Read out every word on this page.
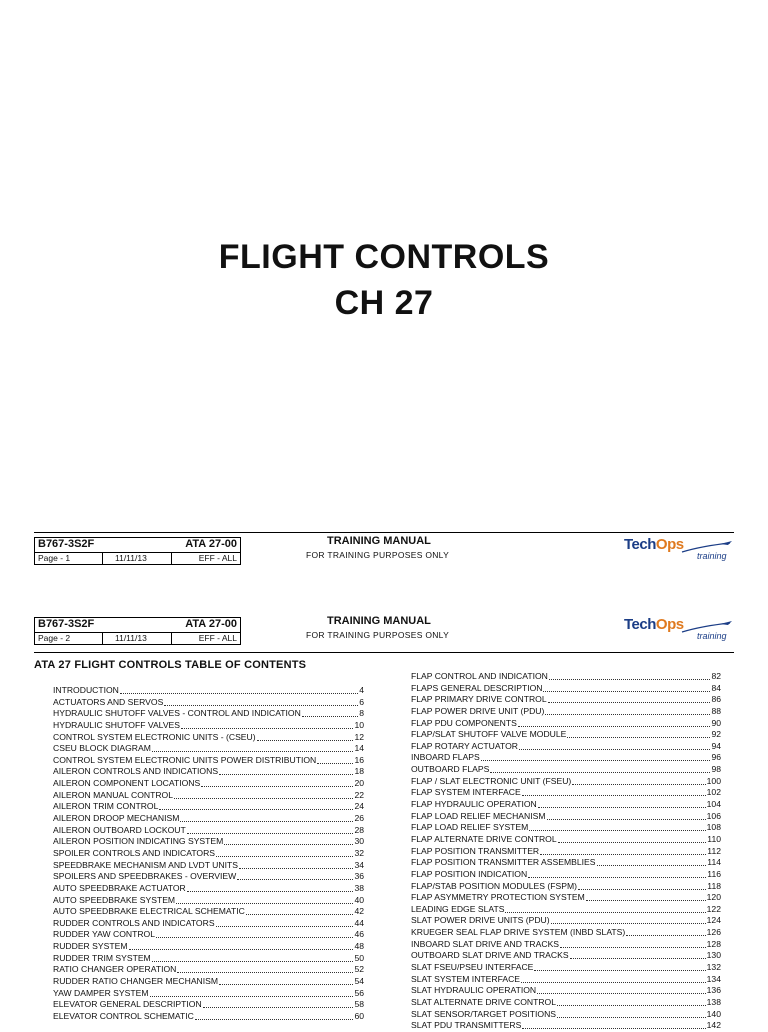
FLIGHT CONTROLS
CH 27
B767-3S2F	ATA 27-00
Page - 1	11/11/13	EFF - ALL
TRAINING MANUAL
FOR TRAINING PURPOSES ONLY
TechOps
training
B767-3S2F	ATA 27-00
Page - 2	11/11/13	EFF - ALL
TRAINING MANUAL
FOR TRAINING PURPOSES ONLY
TechOps
training
ATA 27 FLIGHT CONTROLS TABLE OF CONTENTS
INTRODUCTION	4
ACTUATORS AND SERVOS	6
HYDRAULIC SHUTOFF VALVES - CONTROL AND INDICATION	8
HYDRAULIC SHUTOFF VALVES	10
CONTROL SYSTEM ELECTRONIC UNITS - (CSEU)	12
CSEU BLOCK DIAGRAM	14
CONTROL SYSTEM ELECTRONIC UNITS POWER DISTRIBUTION	16
AILERON CONTROLS AND INDICATIONS	18
AILERON COMPONENT LOCATIONS	20
AILERON MANUAL CONTROL	22
AILERON TRIM CONTROL	24
AILERON DROOP MECHANISM	26
AILERON OUTBOARD LOCKOUT	28
AILERON POSITION INDICATING SYSTEM	30
SPOILER CONTROLS AND INDICATORS	32
SPEEDBRAKE MECHANISM AND LVDT UNITS	34
SPOILERS AND SPEEDBRAKES - OVERVIEW	36
AUTO SPEEDBRAKE ACTUATOR	38
AUTO SPEEDBRAKE SYSTEM	40
AUTO SPEEDBRAKE ELECTRICAL SCHEMATIC	42
RUDDER CONTROLS AND INDICATORS	44
RUDDER YAW CONTROL	46
RUDDER SYSTEM	48
RUDDER TRIM SYSTEM	50
RATIO CHANGER OPERATION	52
RUDDER RATIO CHANGER MECHANISM	54
YAW DAMPER SYSTEM	56
ELEVATOR GENERAL DESCRIPTION	58
ELEVATOR CONTROL SCHEMATIC	60
FLAP CONTROL AND INDICATION	82
FLAPS GENERAL DESCRIPTION	84
FLAP PRIMARY DRIVE CONTROL	86
FLAP POWER DRIVE UNIT (PDU)	88
FLAP PDU COMPONENTS	90
FLAP/SLAT SHUTOFF VALVE MODULE	92
FLAP ROTARY ACTUATOR	94
INBOARD FLAPS	96
OUTBOARD FLAPS	98
FLAP / SLAT ELECTRONIC UNIT (FSEU)	100
FLAP SYSTEM INTERFACE	102
FLAP HYDRAULIC OPERATION	104
FLAP LOAD RELIEF MECHANISM	106
FLAP LOAD RELIEF SYSTEM	108
FLAP ALTERNATE DRIVE CONTROL	110
FLAP POSITION TRANSMITTER	112
FLAP POSITION TRANSMITTER ASSEMBLIES	114
FLAP POSITION INDICATION	116
FLAP/STAB POSITION MODULES (FSPM)	118
FLAP ASYMMETRY PROTECTION SYSTEM	120
LEADING EDGE SLATS	122
SLAT POWER DRIVE UNITS (PDU)	124
KRUEGER SEAL FLAP DRIVE SYSTEM (INBD SLATS)	126
INBOARD SLAT DRIVE AND TRACKS	128
OUTBOARD SLAT DRIVE AND TRACKS	130
SLAT FSEU/PSEU INTERFACE	132
SLAT SYSTEM INTERFACE	134
SLAT HYDRAULIC OPERATION	136
SLAT ALTERNATE DRIVE CONTROL	138
SLAT SENSOR/TARGET POSITIONS	140
SLAT PDU TRANSMITTERS	142
